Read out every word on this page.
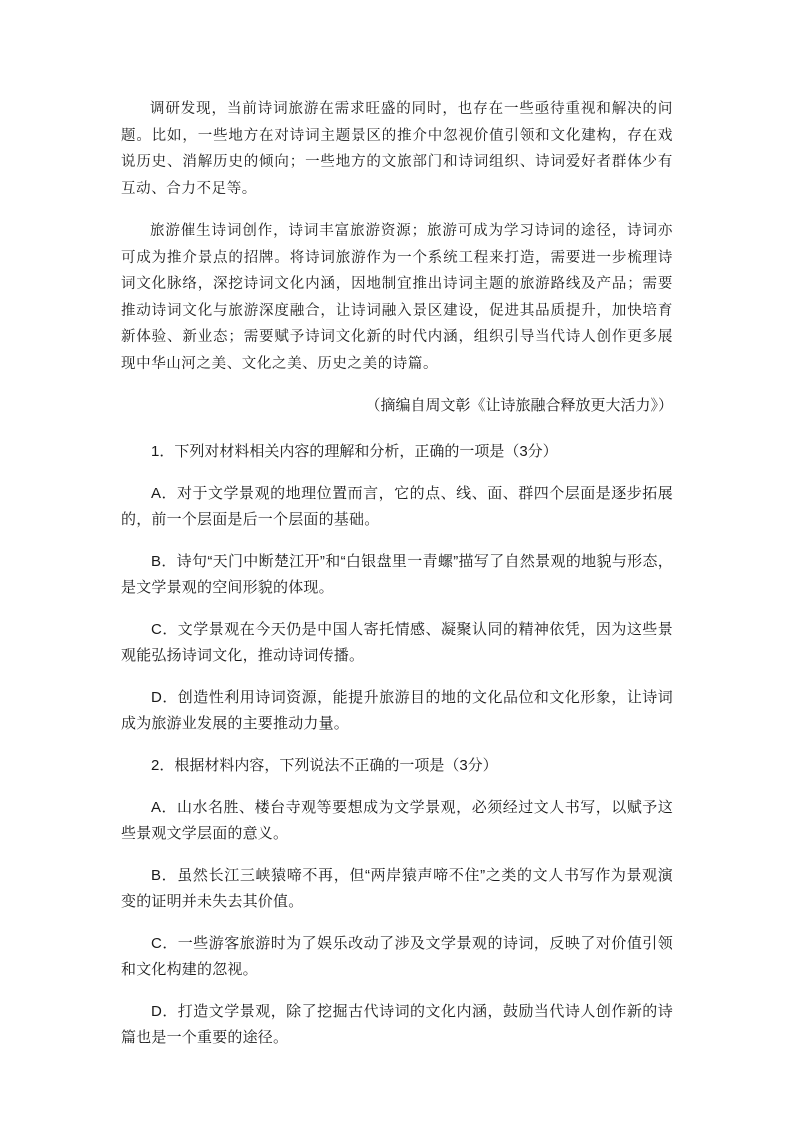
调研发现，当前诗词旅游在需求旺盛的同时，也存在一些亟待重视和解决的问题。比如，一些地方在对诗词主题景区的推介中忽视价值引领和文化建构，存在戏说历史、消解历史的倾向；一些地方的文旅部门和诗词组织、诗词爱好者群体少有互动、合力不足等。

旅游催生诗词创作，诗词丰富旅游资源；旅游可成为学习诗词的途径，诗词亦可成为推介景点的招牌。将诗词旅游作为一个系统工程来打造，需要进一步梳理诗词文化脉络，深挖诗词文化内涵，因地制宜推出诗词主题的旅游路线及产品；需要推动诗词文化与旅游深度融合，让诗词融入景区建设，促进其品质提升，加快培育新体验、新业态；需要赋予诗词文化新的时代内涵，组织引导当代诗人创作更多展现中华山河之美、文化之美、历史之美的诗篇。

（摘编自周文彰《让诗旅融合释放更大活力》）

1．下列对材料相关内容的理解和分析，正确的一项是（3分）

A．对于文学景观的地理位置而言，它的点、线、面、群四个层面是逐步拓展的，前一个层面是后一个层面的基础。

B．诗句“天门中断楚江开”和“白银盘里一青螺”描写了自然景观的地貌与形态，是文学景观的空间形貌的体现。

C．文学景观在今天仍是中国人寄托情感、凝聚认同的精神依凭，因为这些景观能弘扬诗词文化，推动诗词传播。

D．创造性利用诗词资源，能提升旅游目的地的文化品位和文化形象，让诗词成为旅游业发展的主要推动力量。

2．根据材料内容，下列说法不正确的一项是（3分）

A．山水名胜、楼台寺观等要想成为文学景观，必须经过文人书写，以赋予这些景观文学层面的意义。

B．虽然长江三峡猿啼不再，但“两岸猿声啼不住”之类的文人书写作为景观演变的证明并未失去其价值。

C．一些游客旅游时为了娱乐改动了涉及文学景观的诗词，反映了对价值引领和文化构建的忽视。

D．打造文学景观，除了挖掘古代诗词的文化内涵，鼓励当代诗人创作新的诗篇也是一个重要的途径。
